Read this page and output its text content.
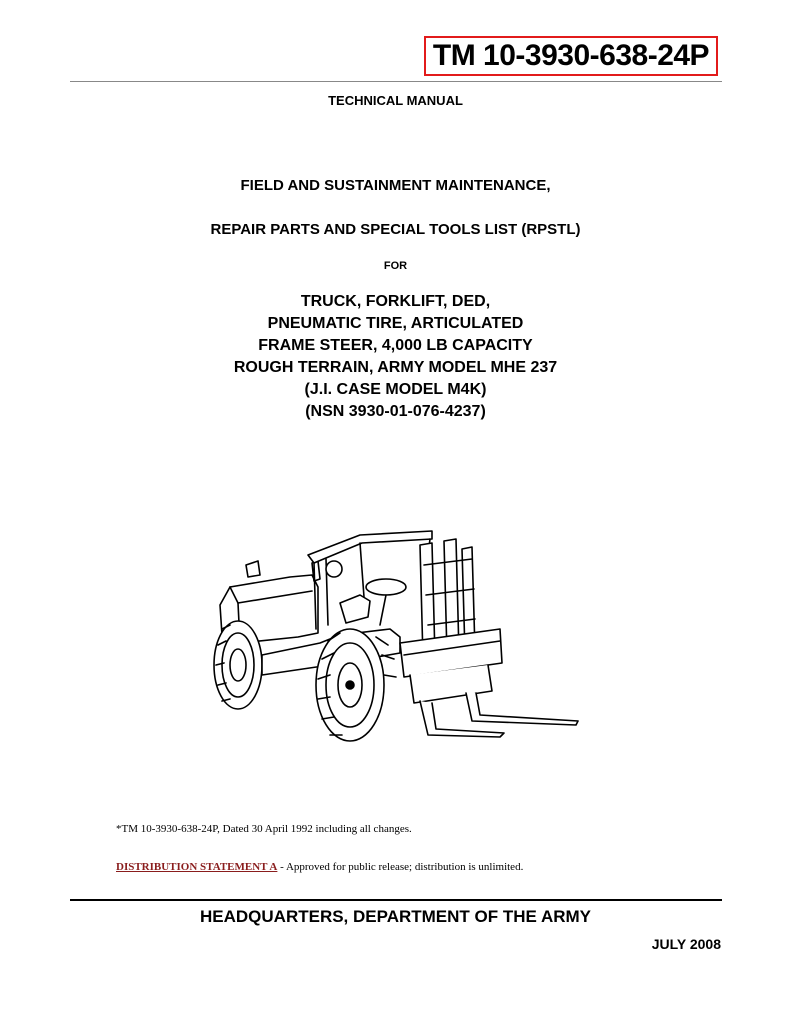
TM 10-3930-638-24P
TECHNICAL MANUAL
FIELD AND SUSTAINMENT MAINTENANCE,
REPAIR PARTS AND SPECIAL TOOLS LIST (RPSTL)
FOR
TRUCK, FORKLIFT, DED,
PNEUMATIC TIRE, ARTICULATED
FRAME STEER, 4,000 LB CAPACITY
ROUGH TERRAIN, ARMY MODEL MHE 237
(J.I. CASE MODEL M4K)
(NSN 3930-01-076-4237)
*TM 10-3930-638-24P, Dated 30 April 1992 including all changes.
DISTRIBUTION STATEMENT A - Approved for public release; distribution is unlimited.
HEADQUARTERS, DEPARTMENT OF THE ARMY
JULY 2008
